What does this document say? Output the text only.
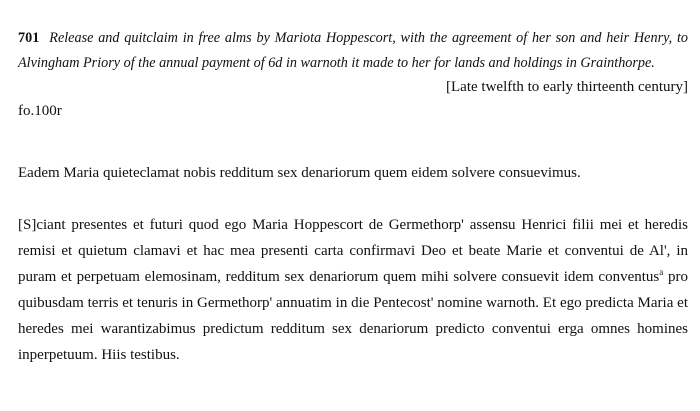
701 Release and quitclaim in free alms by Mariota Hoppescort, with the agreement of her son and heir Henry, to Alvingham Priory of the annual payment of 6d in warnoth it made to her for lands and holdings in Grainthorpe.

[Late twelfth to early thirteenth century]

fo.100r

Eadem Maria quieteclamat nobis redditum sex denariorum quem eidem solvere consuevimus.

[S]ciant presentes et futuri quod ego Maria Hoppescort de Germethorp' assensu Henrici filii mei et heredis remisi et quietum clamavi et hac mea presenti carta confirmavi Deo et beate Marie et conventui de Al', in puram et perpetuam elemosinam, redditum sex denariorum quem mihi solvere consuevit idem conventus$^a$ pro quibusdam terris et tenuris in Germethorp' annuatim in die Pentecost' nomine warnoth. Et ego predicta Maria et heredes mei warantizabimus predictum redditum sex denariorum predicto conventui erga omnes homines inperpetuum. Hiis testibus.
